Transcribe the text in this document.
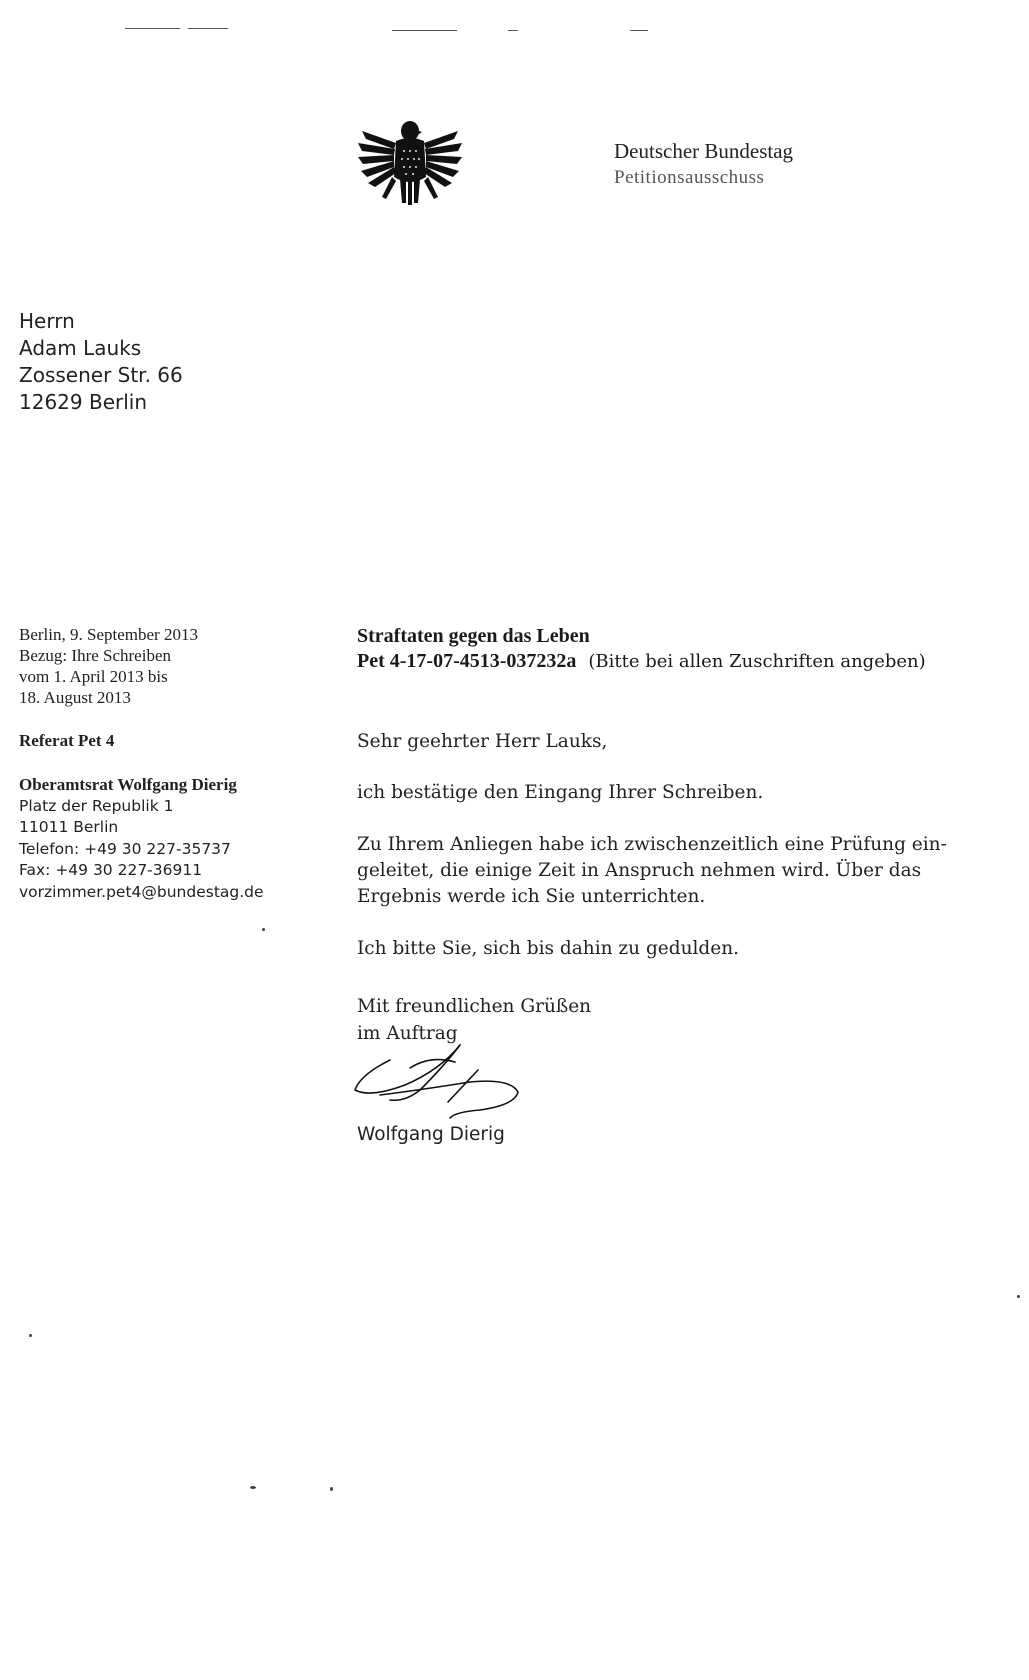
Deutscher Bundestag
Petitionsausschuss
Herrn
Adam Lauks
Zossener Str. 66
12629 Berlin
Berlin, 9. September 2013
Bezug: Ihre Schreiben
vom 1. April 2013 bis
18. August 2013
Referat Pet 4
Oberamtsrat Wolfgang Dierig
Platz der Republik 1
11011 Berlin
Telefon: +49 30 227-35737
Fax: +49 30 227-36911
vorzimmer.pet4@bundestag.de
Straftaten gegen das Leben
Pet 4-17-07-4513-037232a (Bitte bei allen Zuschriften angeben)

Sehr geehrter Herr Lauks,

ich bestätige den Eingang Ihrer Schreiben.

Zu Ihrem Anliegen habe ich zwischenzeitlich eine Prüfung ein-
geleitet, die einige Zeit in Anspruch nehmen wird. Über das
Ergebnis werde ich Sie unterrichten.

Ich bitte Sie, sich bis dahin zu gedulden.

Mit freundlichen Grüßen
im Auftrag
Wolfgang Dierig
